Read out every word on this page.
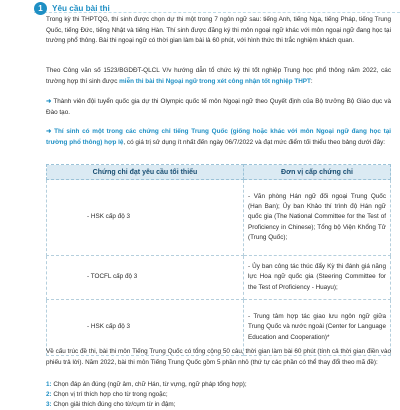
1	Yêu cầu bài thi

Trong kỳ thi THPTQG, thí sinh được chọn dự thi một trong 7 ngôn ngữ sau: tiếng Anh, tiếng Nga, tiếng Pháp, tiếng Trung Quốc, tiếng Đức, tiếng Nhật và tiếng Hàn. Thí sinh được đăng ký thi môn ngoại ngữ khác với môn ngoại ngữ đang học tại trường phổ thông. Bài thi ngoại ngữ có thời gian làm bài là 60 phút, với hình thức thi trắc nghiệm khách quan.

Theo Công văn số 1523/BGDĐT-QLCL V/v hướng dẫn tổ chức kỳ thi tốt nghiệp Trung học phổ thông năm 2022, các trường hợp thí sinh được miễn thi bài thi Ngoại ngữ trong xét công nhận tốt nghiệp THPT:

➜ Thành viên đội tuyển quốc gia dự thi Olympic quốc tế môn Ngoại ngữ theo Quyết định của Bộ trưởng Bộ Giáo dục và Đào tạo.

➜ Thí sinh có một trong các chứng chỉ tiếng Trung Quốc (giống hoặc khác với môn Ngoại ngữ đang học tại trường phổ thông) hợp lệ, có giá trị sử dụng ít nhất đến ngày 06/7/2022 và đạt mức điểm tối thiểu theo bảng dưới đây:

Chứng chỉ đạt yêu cầu tối thiểu	Đơn vị cấp chứng chỉ
- HSK cấp độ 3	- Văn phòng Hán ngữ đối ngoại Trung Quốc (Han Ban); Ủy ban Khảo thí trình độ Hán ngữ quốc gia (The National Committee for the Test of Proficiency in Chinese); Tổng bộ Viện Khổng Tử (Trung Quốc);
- TOCFL cấp độ 3	- Ủy ban công tác thúc đẩy Kỳ thi đánh giá năng lực Hoa ngữ quốc gia (Steering Committee for the Test of Proficiency - Huayu);
- HSK cấp độ 3	- Trung tâm hợp tác giao lưu ngôn ngữ giữa Trung Quốc và nước ngoài (Center for Language Education and Cooperation)*

Về cấu trúc đề thi, bài thi môn Tiếng Trung Quốc có tổng cộng 50 câu, thời gian làm bài 60 phút (tính cả thời gian điền vào phiếu trả lời). Năm 2022, bài thi môn Tiếng Trung Quốc gồm 5 phần nhỏ (thứ tự các phần có thể thay đổi theo mã đề):

1: Chọn đáp án đúng (ngữ âm, chữ Hán, từ vựng, ngữ pháp tổng hợp);
2: Chọn vị trí thích hợp cho từ trong ngoặc;
3: Chọn giải thích đúng cho từ/cụm từ in đậm;
